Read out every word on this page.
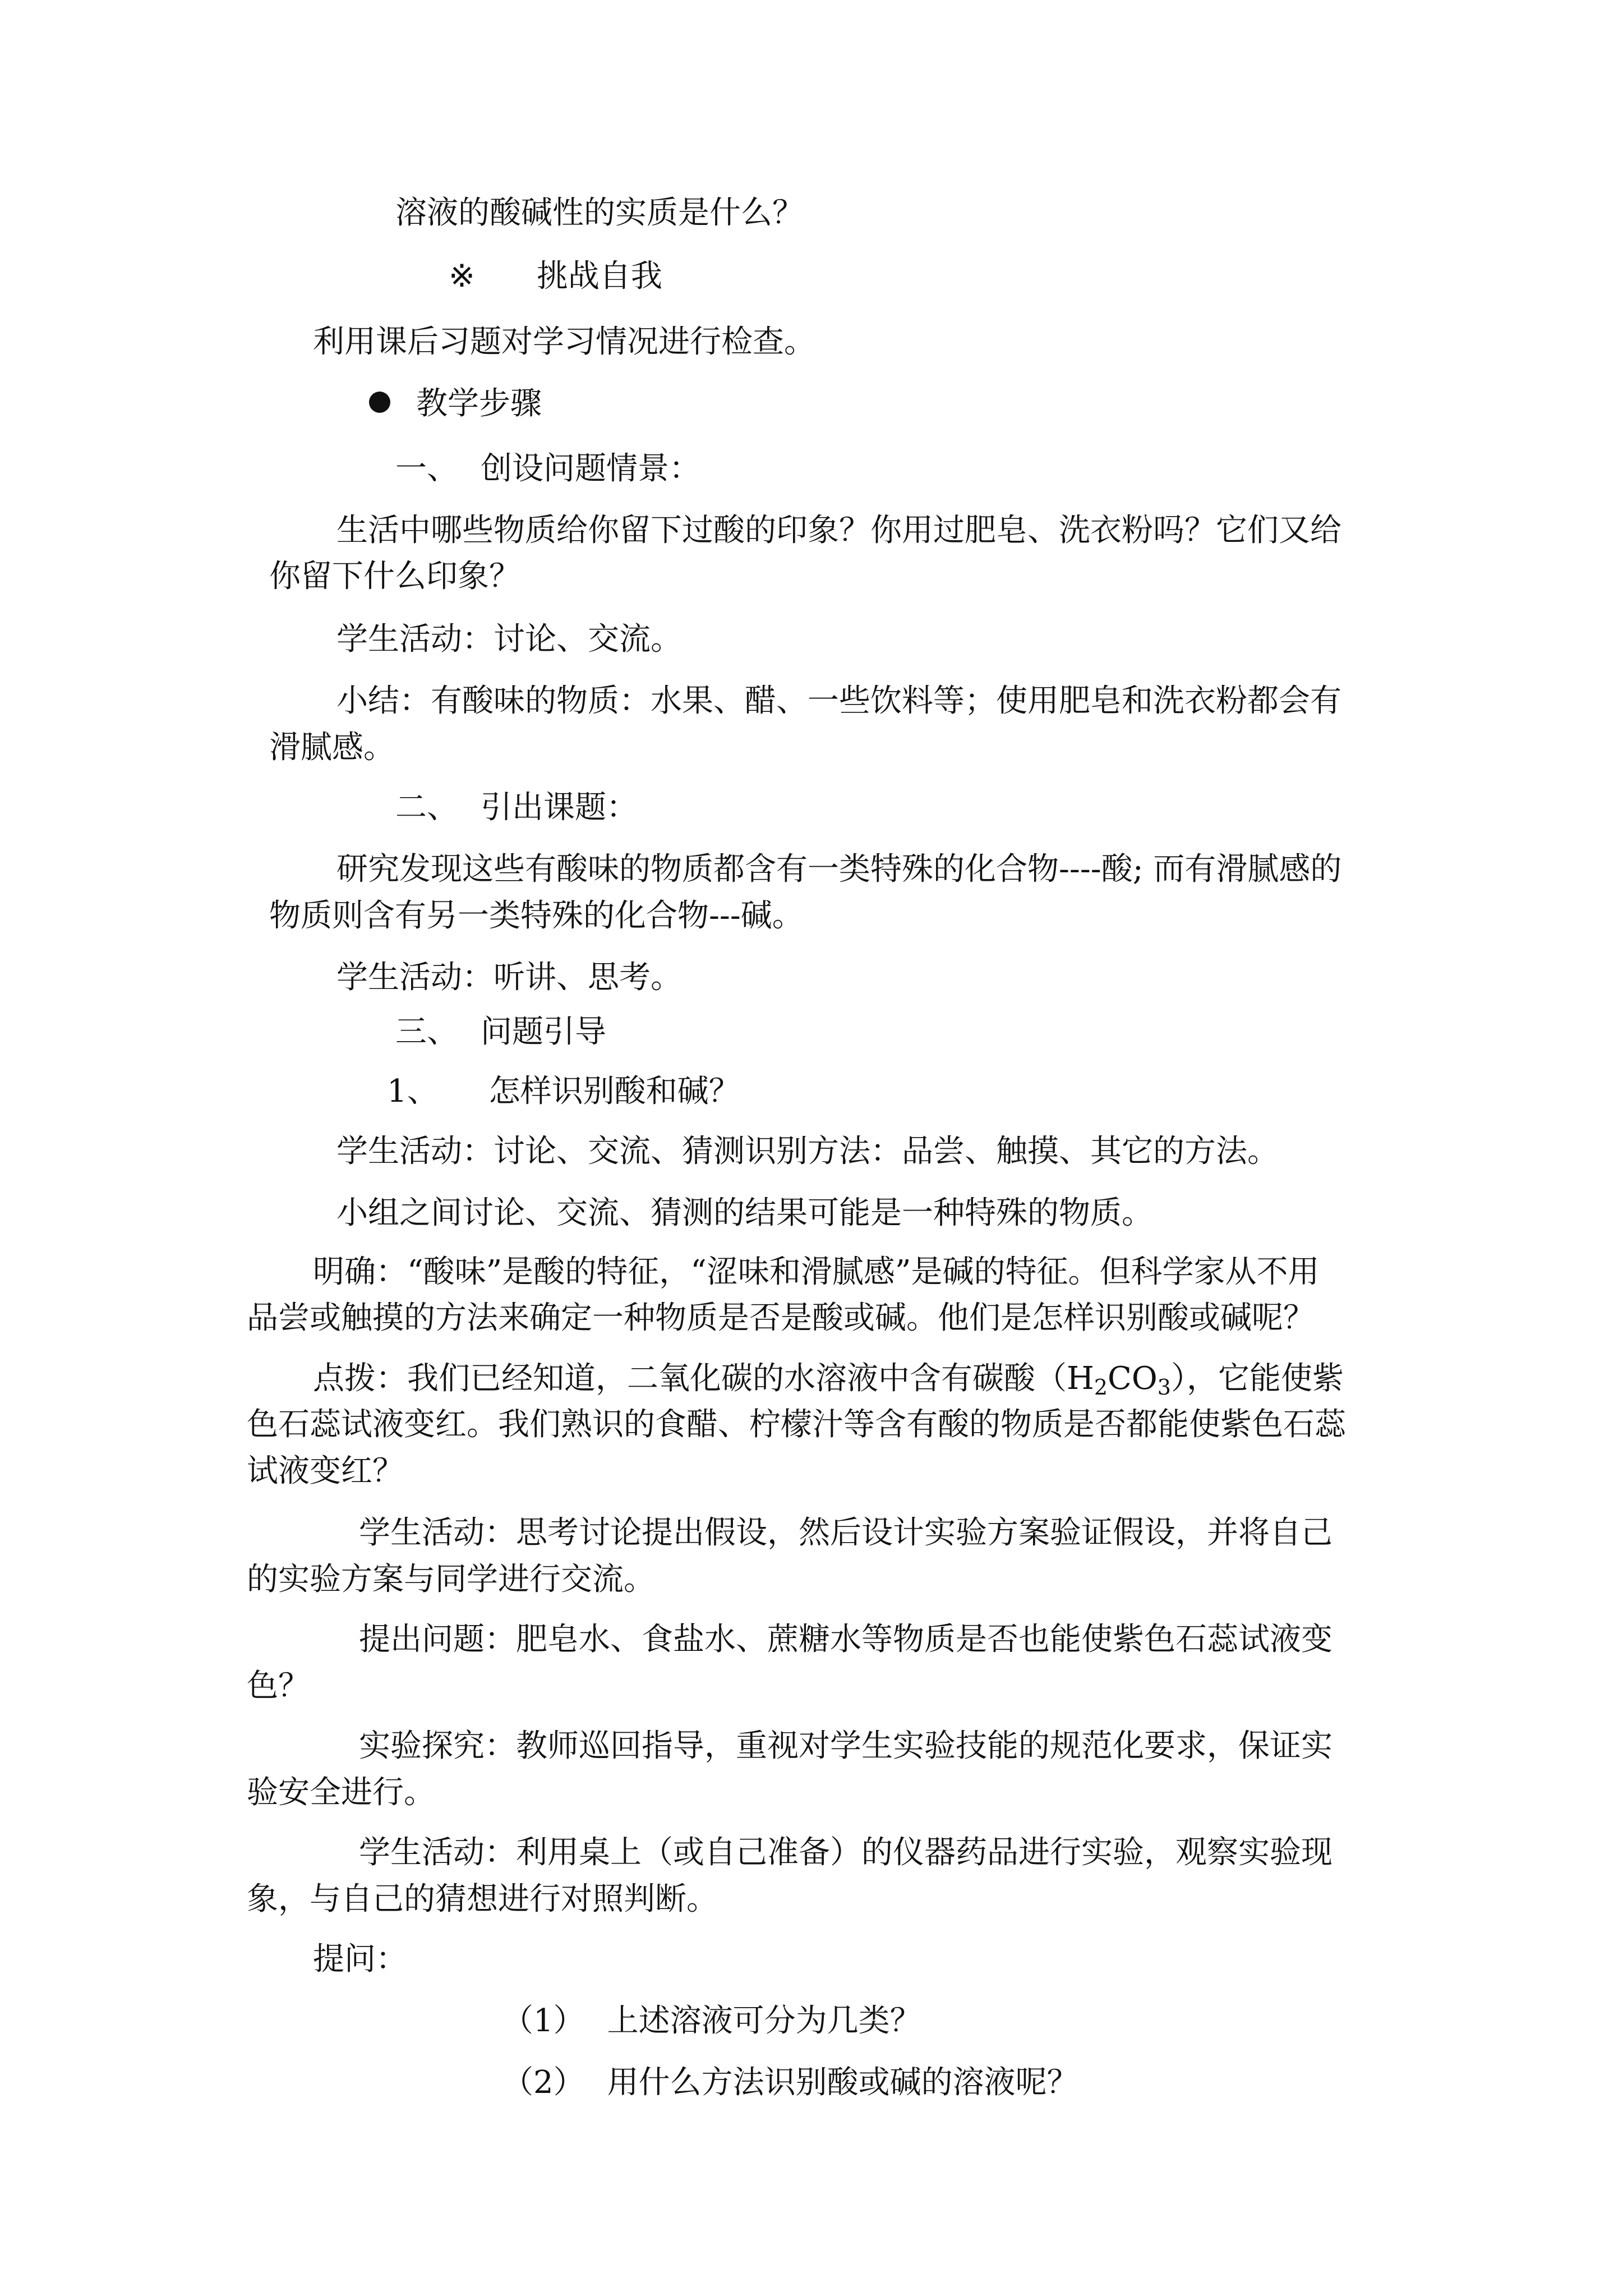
溶液的酸碱性的实质是什么？
※ 挑战自我
利用课后习题对学习情况进行检查。
教学步骤
一、 创设问题情景：
生活中哪些物质给你留下过酸的印象？你用过肥皂、洗衣粉吗？它们又给
你留下什么印象？
学生活动：讨论、交流。
小结：有酸味的物质：水果、醋、一些饮料等；使用肥皂和洗衣粉都会有
滑腻感。
二、 引出课题：
研究发现这些有酸味的物质都含有一类特殊的化合物----酸; 而有滑腻感的
物质则含有另一类特殊的化合物---碱。
学生活动：听讲、思考。
三、 问题引导
1、 怎样识别酸和碱？
学生活动：讨论、交流、猜测识别方法：品尝、触摸、其它的方法。
小组之间讨论、交流、猜测的结果可能是一种特殊的物质。
明确：“酸味”是酸的特征，“涩味和滑腻感”是碱的特征。但科学家从不用
品尝或触摸的方法来确定一种物质是否是酸或碱。他们是怎样识别酸或碱呢？
点拨：我们已经知道，二氧化碳的水溶液中含有碳酸$(H_2CO_3)$，它能使紫
色石蕊试液变红。我们熟识的食醋、柠檬汁等含有酸的物质是否都能使紫色石蕊
试液变红？
学生活动：思考讨论提出假设，然后设计实验方案验证假设，并将自己
的实验方案与同学进行交流。
提出问题：肥皂水、食盐水、蔗糖水等物质是否也能使紫色石蕊试液变
色？
实验探究：教师巡回指导，重视对学生实验技能的规范化要求，保证实
验安全进行。
学生活动：利用桌上（或自己准备）的仪器药品进行实验，观察实验现
象，与自己的猜想进行对照判断。
提问：
（1） 上述溶液可分为几类？
（2） 用什么方法识别酸或碱的溶液呢？
